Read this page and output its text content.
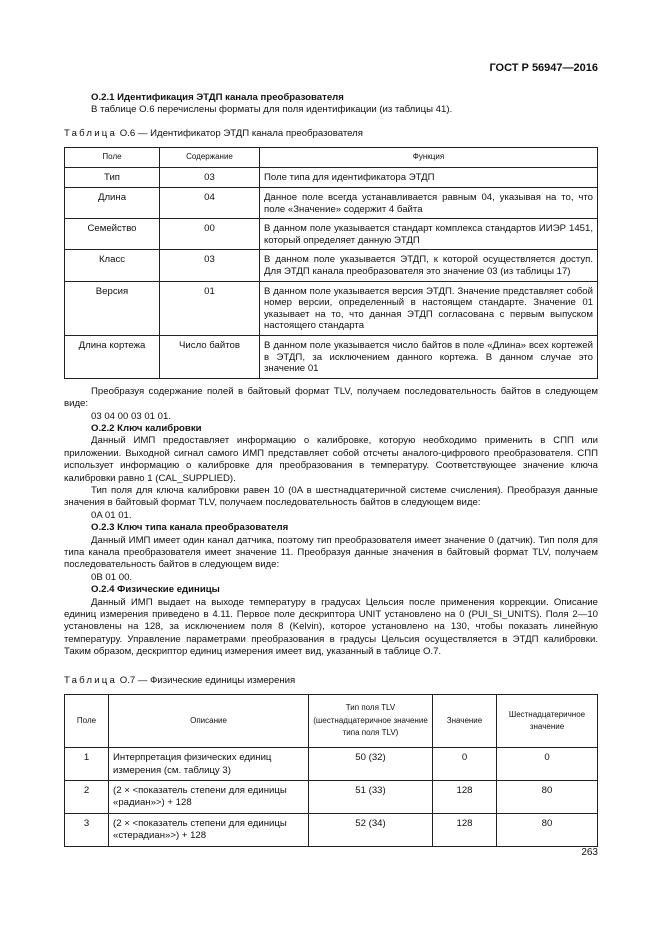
ГОСТ Р 56947—2016
О.2.1 Идентификация ЭТДП канала преобразователя

В таблице О.6 перечислены форматы для поля идентификации (из таблицы 41).

Таблица О.6 — Идентификатор ЭТДП канала преобразователя
Поле	Содержание	Функция
Тип	03	Поле типа для идентификатора ЭТДП
Длина	04	Данное поле всегда устанавливается равным 04, указывая на то, что поле «Значение» содержит 4 байта
Семейство	00	В данном поле указывается стандарт комплекса стандартов ИИЭР 1451, который определяет данную ЭТДП
Класс	03	В данном поле указывается ЭТДП, к которой осуществляется доступ. Для ЭТДП канала преобразователя это значение 03 (из таблицы 17)
Версия	01	В данном поле указывается версия ЭТДП. Значение представляет собой номер версии, определенный в настоящем стандарте. Значение 01 указывает на то, что данная ЭТДП согласована с первым выпуском настоящего стандарта
Длина кортежа	Число байтов	В данном поле указывается число байтов в поле «Длина» всех кортежей в ЭТДП, за исключением данного кортежа. В данном случае это значение 01

Преобразуя содержание полей в байтовый формат TLV, получаем последовательность байтов в следующем виде:

03 04 00 03 01 01.
О.2.2 Ключ калибровки

Данный ИМП предоставляет информацию о калибровке, которую необходимо применить в СПП или приложении. Выходной сигнал самого ИМП представляет собой отсчеты аналого-цифрового преобразователя. СПП использует информацию о калибровке для преобразования в температуру. Соответствующее значение ключа калибровки равно 1 (CAL_SUPPLIED).

Тип поля для ключа калибровки равен 10 (0A в шестнадцатеричной системе счисления). Преобразуя данные значения в байтовый формат TLV, получаем последовательность байтов в следующем виде:

0A 01 01.
О.2.3 Ключ типа канала преобразователя

Данный ИМП имеет один канал датчика, поэтому тип преобразователя имеет значение 0 (датчик). Тип поля для типа канала преобразователя имеет значение 11. Преобразуя данные значения в байтовый формат TLV, получаем последовательность байтов в следующем виде:

0B 01 00.
О.2.4 Физические единицы

Данный ИМП выдает на выходе температуру в градусах Цельсия после применения коррекции. Описание единиц измерения приведено в 4.11. Первое поле дескриптора UNIT установлено на 0 (PUI_SI_UNITS). Поля 2—10 установлены на 128, за исключением поля 8 (Kelvin), которое установлено на 130, чтобы показать линейную температуру. Управление параметрами преобразования в градусы Цельсия осуществляется в ЭТДП калибровки. Таким образом, дескриптор единиц измерения имеет вид, указанный в таблице О.7.

Таблица О.7 — Физические единицы измерения
Поле	Описание	Тип поля TLV (шестнадцатеричное значение типа поля TLV)	Значение	Шестнадцатеричное значение
1	Интерпретация физических единиц измерения (см. таблицу 3)	50 (32)	0	0
2	(2 × <показатель степени для единицы «радиан»>) + 128	51 (33)	128	80
3	(2 × <показатель степени для единицы «стерадиан»>) + 128	52 (34)	128	80
263
